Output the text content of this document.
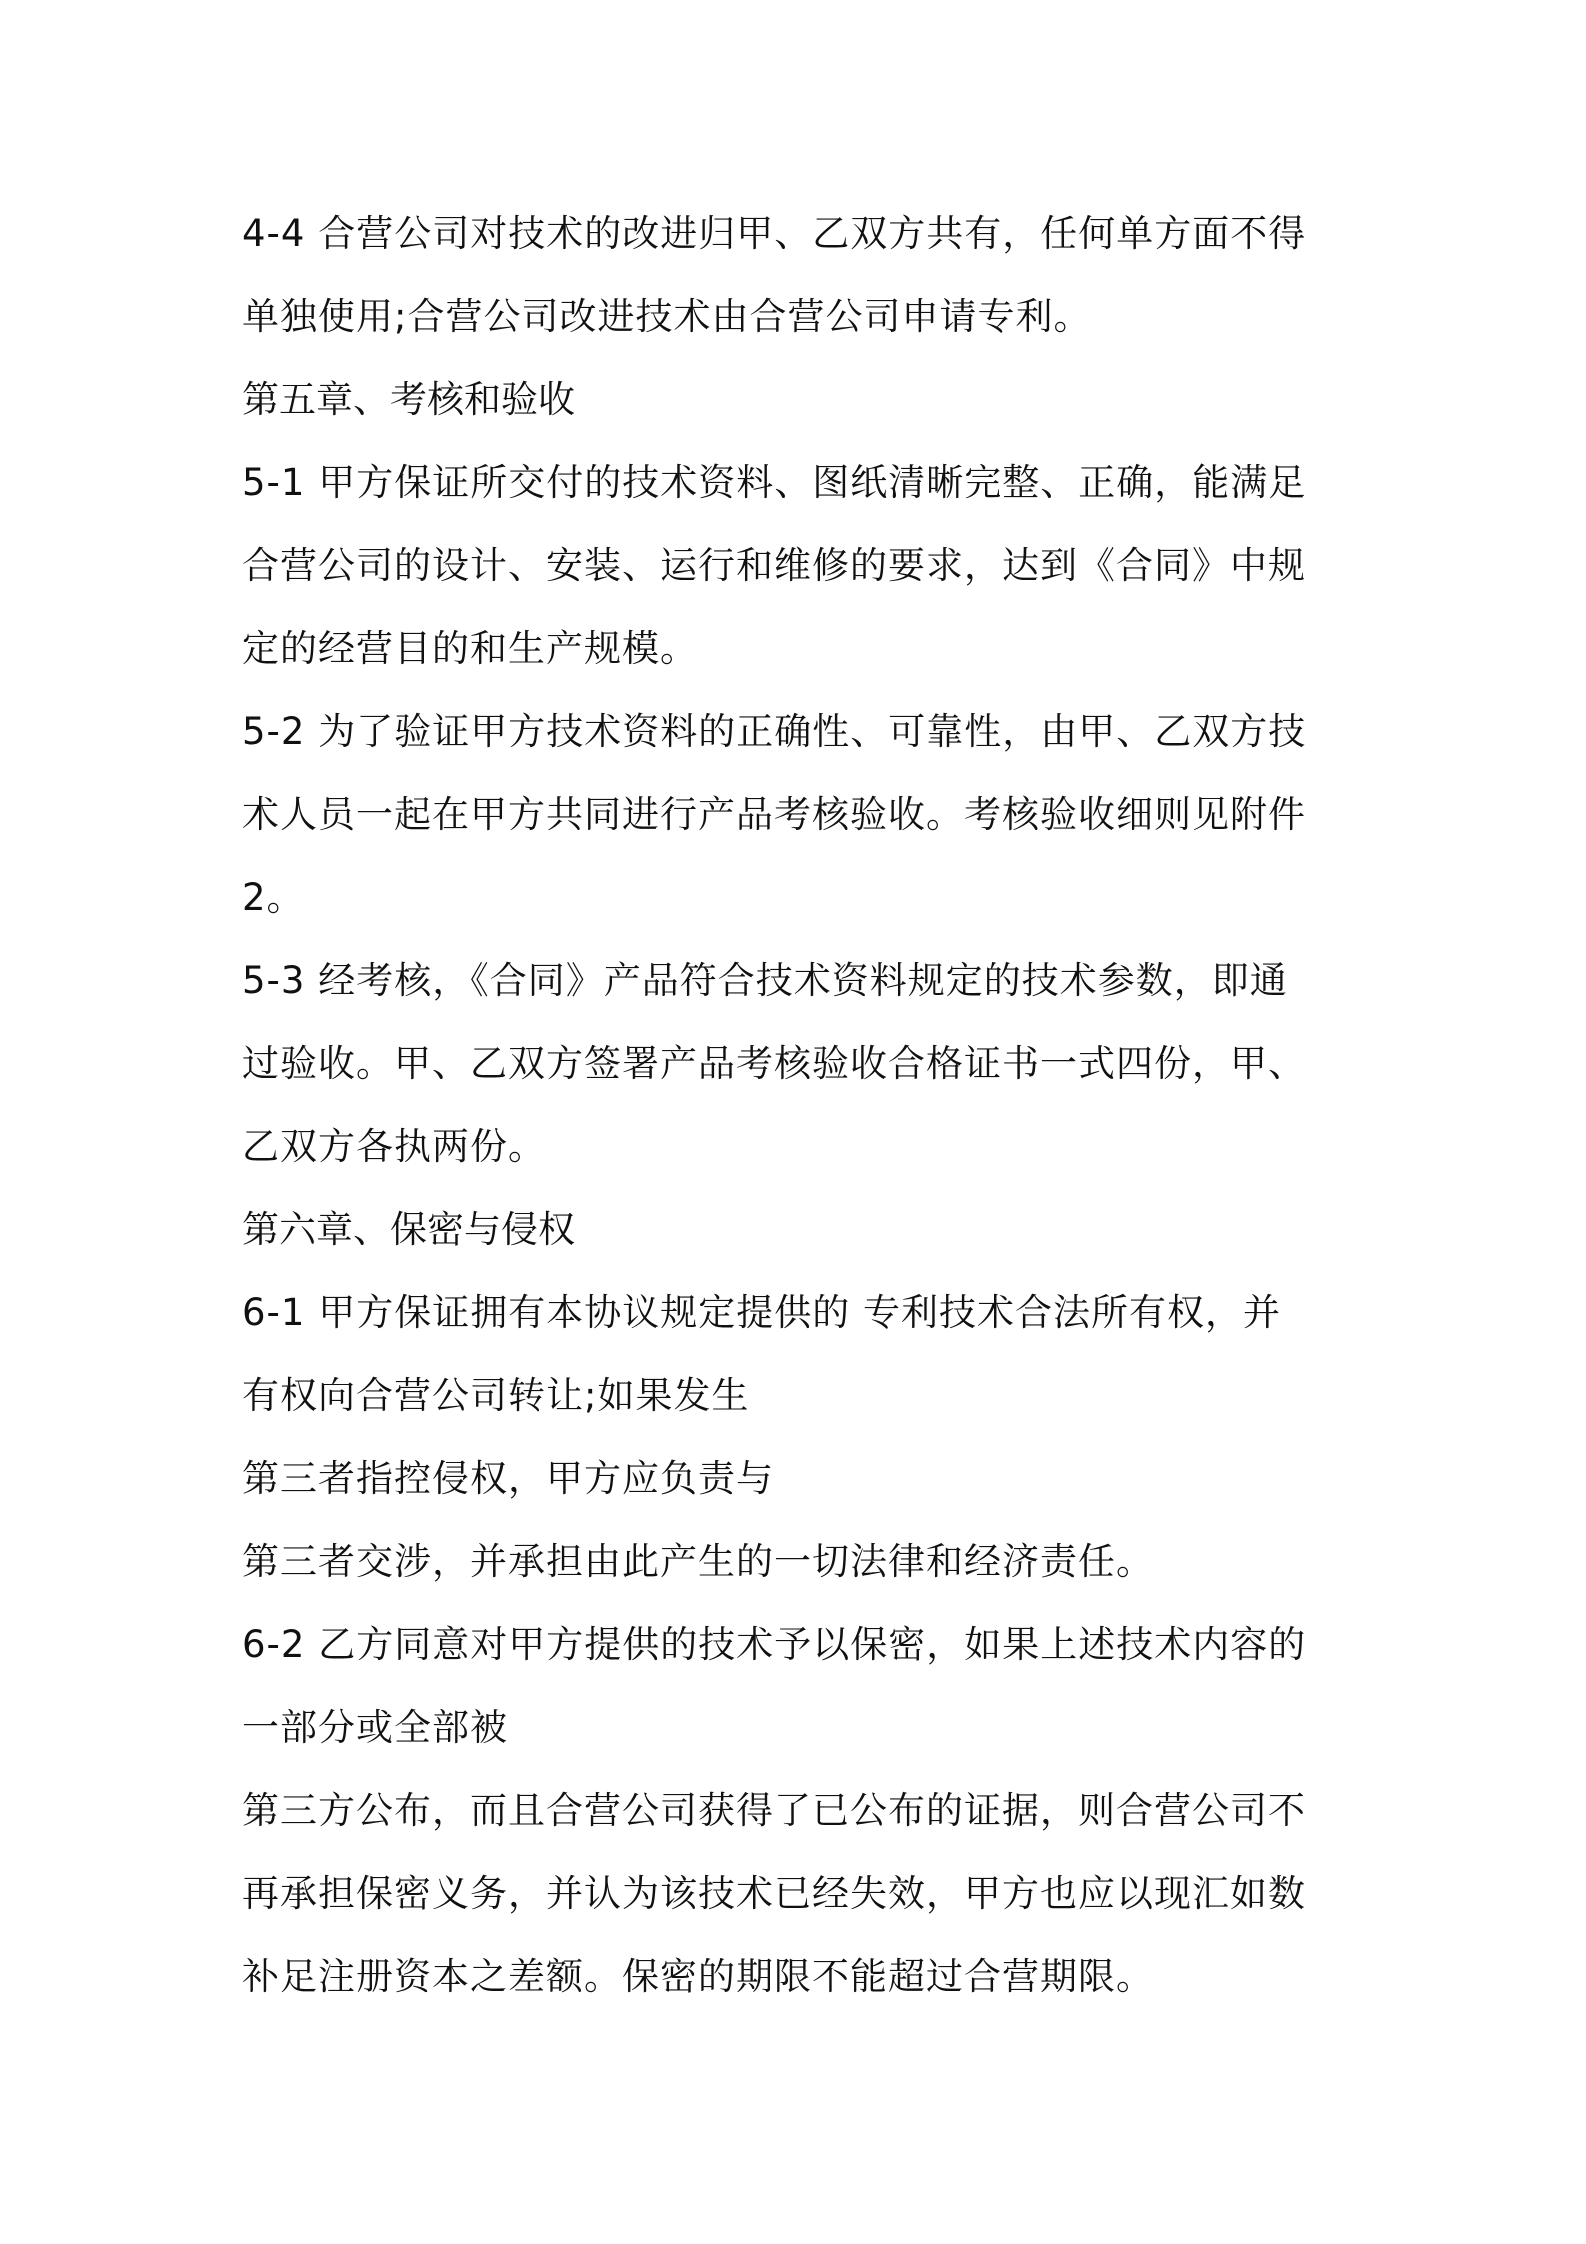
4-4 合营公司对技术的改进归甲、乙双方共有，任何单方面不得
单独使用;合营公司改进技术由合营公司申请专利。
第五章、考核和验收
5-1 甲方保证所交付的技术资料、图纸清晰完整、正确，能满足
合营公司的设计、安装、运行和维修的要求，达到《合同》中规
定的经营目的和生产规模。
5-2 为了验证甲方技术资料的正确性、可靠性，由甲、乙双方技
术人员一起在甲方共同进行产品考核验收。考核验收细则见附件
2。
5-3 经考核，《合同》产品符合技术资料规定的技术参数，即通
过验收。甲、乙双方签署产品考核验收合格证书一式四份，甲、
乙双方各执两份。
第六章、保密与侵权
6-1 甲方保证拥有本协议规定提供的 专利技术合法所有权，并
有权向合营公司转让;如果发生
第三者指控侵权，甲方应负责与
第三者交涉，并承担由此产生的一切法律和经济责任。
6-2 乙方同意对甲方提供的技术予以保密，如果上述技术内容的
一部分或全部被
第三方公布，而且合营公司获得了已公布的证据，则合营公司不
再承担保密义务，并认为该技术已经失效，甲方也应以现汇如数
补足注册资本之差额。保密的期限不能超过合营期限。
